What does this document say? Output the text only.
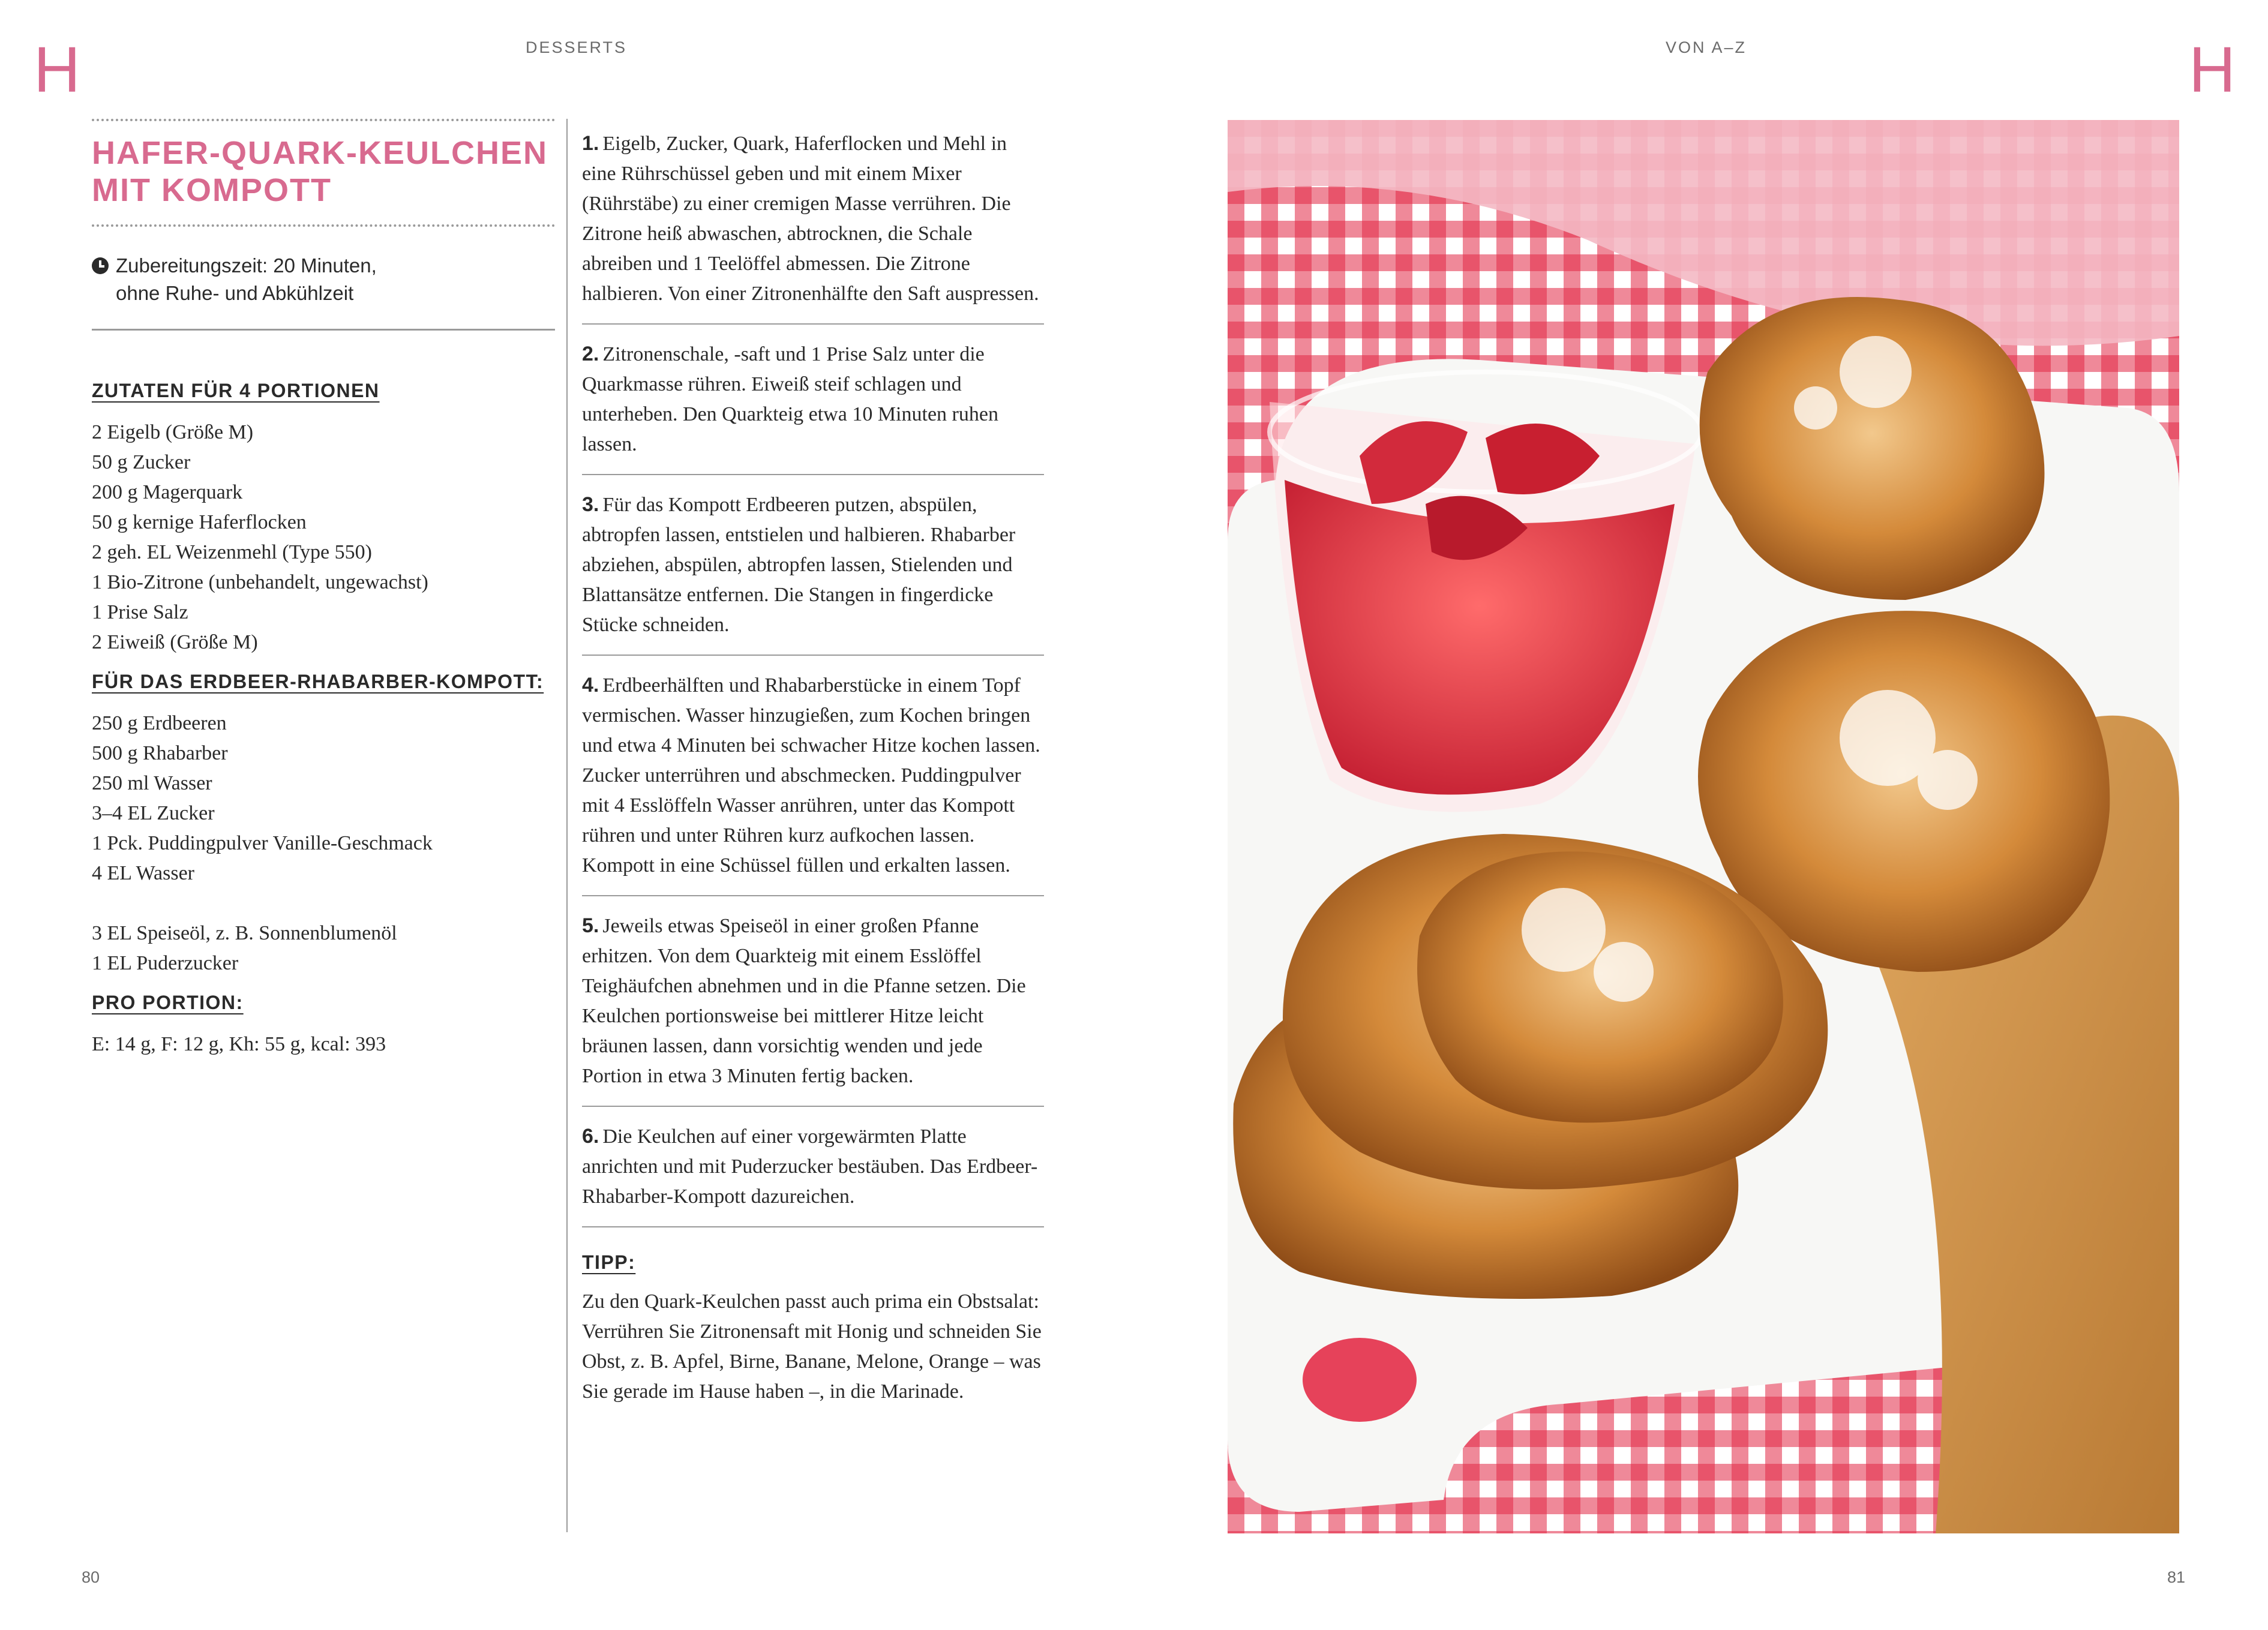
H	H
DESSERTS	VON A–Z
80	81
HAFER-QUARK-KEULCHEN
MIT KOMPOTT
Zubereitungszeit: 20 Minuten,
ohne Ruhe- und Abkühlzeit
ZUTATEN FÜR 4 PORTIONEN
2 Eigelb (Größe M)
50 g Zucker
200 g Magerquark
50 g kernige Haferflocken
2 geh. EL Weizenmehl (Type 550)
1 Bio-Zitrone (unbehandelt, ungewachst)
1 Prise Salz
2 Eiweiß (Größe M)
FÜR DAS ERDBEER-RHABARBER-KOMPOTT:
250 g Erdbeeren
500 g Rhabarber
250 ml Wasser
3–4 EL Zucker
1 Pck. Puddingpulver Vanille-Geschmack
4 EL Wasser
3 EL Speiseöl, z. B. Sonnenblumenöl
1 EL Puderzucker
PRO PORTION:

E: 14 g, F: 12 g, Kh: 55 g, kcal: 393

1. Eigelb, Zucker, Quark, Haferflocken und Mehl in eine Rührschüssel geben und mit einem Mixer (Rührstäbe) zu einer cremigen Masse verrühren. Die Zitrone heiß abwaschen, abtrocknen, die Schale abreiben und 1 Teelöffel abmessen. Die Zitrone halbieren. Von einer Zitronenhälfte den Saft auspressen.
2. Zitronenschale, -saft und 1 Prise Salz unter die Quarkmasse rühren. Eiweiß steif schlagen und unterheben. Den Quarkteig etwa 10 Minuten ruhen lassen.
3. Für das Kompott Erdbeeren putzen, abspülen, abtropfen lassen, entstielen und halbieren. Rhabarber abziehen, abspülen, abtropfen lassen, Stielenden und Blattansätze entfernen. Die Stangen in fingerdicke Stücke schneiden.
4. Erdbeerhälften und Rhabarberstücke in einem Topf vermischen. Wasser hinzugießen, zum Kochen bringen und etwa 4 Minuten bei schwacher Hitze kochen lassen. Zucker unterrühren und abschmecken. Puddingpulver mit 4 Esslöffeln Wasser anrühren, unter das Kompott rühren und unter Rühren kurz aufkochen lassen. Kompott in eine Schüssel füllen und erkalten lassen.
5. Jeweils etwas Speiseöl in einer großen Pfanne erhitzen. Von dem Quarkteig mit einem Esslöffel Teighäufchen abnehmen und in die Pfanne setzen. Die Keulchen portionsweise bei mittlerer Hitze leicht bräunen lassen, dann vorsichtig wenden und jede Portion in etwa 3 Minuten fertig backen.
6. Die Keulchen auf einer vorgewärmten Platte anrichten und mit Puderzucker bestäuben. Das Erdbeer-Rhabarber-Kompott dazureichen.
TIPP:

Zu den Quark-Keulchen passt auch prima ein Obstsalat: Verrühren Sie Zitronensaft mit Honig und schneiden Sie Obst, z. B. Apfel, Birne, Banane, Melone, Orange – was Sie gerade im Hause haben –, in die Marinade.
